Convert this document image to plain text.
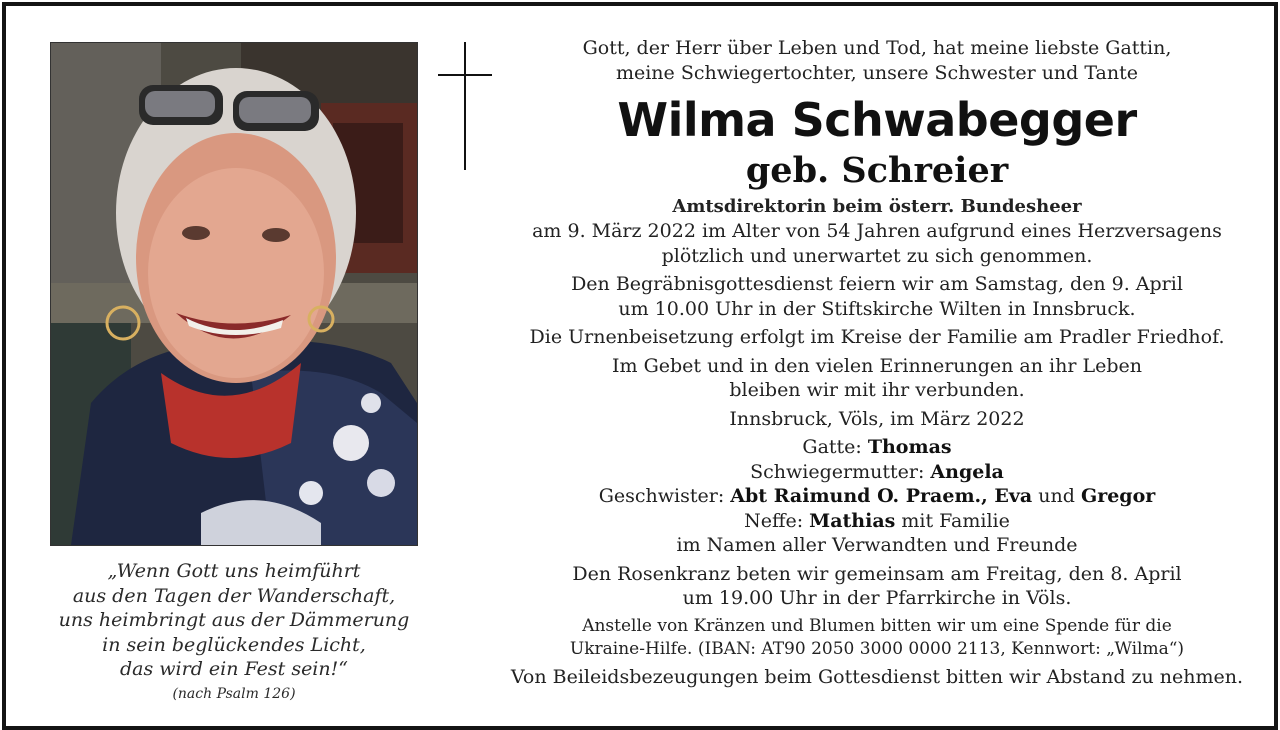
„Wenn Gott uns heimführt
aus den Tagen der Wanderschaft,
uns heimbringt aus der Dämmerung
in sein beglückendes Licht,
das wird ein Fest sein!“
(nach Psalm 126)
Gott, der Herr über Leben und Tod, hat meine liebste Gattin,
meine Schwiegertochter, unsere Schwester und Tante
Wilma Schwabegger
geb. Schreier
Amtsdirektorin beim österr. Bundesheer
am 9. März 2022 im Alter von 54 Jahren aufgrund eines Herzversagens
plötzlich und unerwartet zu sich genommen.
Den Begräbnisgottesdienst feiern wir am Samstag, den 9. April
um 10.00 Uhr in der Stiftskirche Wilten in Innsbruck.
Die Urnenbeisetzung erfolgt im Kreise der Familie am Pradler Friedhof.
Im Gebet und in den vielen Erinnerungen an ihr Leben
bleiben wir mit ihr verbunden.
Innsbruck, Völs, im März 2022
Gatte: Thomas
Schwiegermutter: Angela
Geschwister: Abt Raimund O. Praem., Eva und Gregor
Neffe: Mathias mit Familie
im Namen aller Verwandten und Freunde
Den Rosenkranz beten wir gemeinsam am Freitag, den 8. April
um 19.00 Uhr in der Pfarrkirche in Völs.
Anstelle von Kränzen und Blumen bitten wir um eine Spende für die
Ukraine-Hilfe. (IBAN: AT90 2050 3000 0000 2113, Kennwort: „Wilma“)
Von Beileidsbezeugungen beim Gottesdienst bitten wir Abstand zu nehmen.
